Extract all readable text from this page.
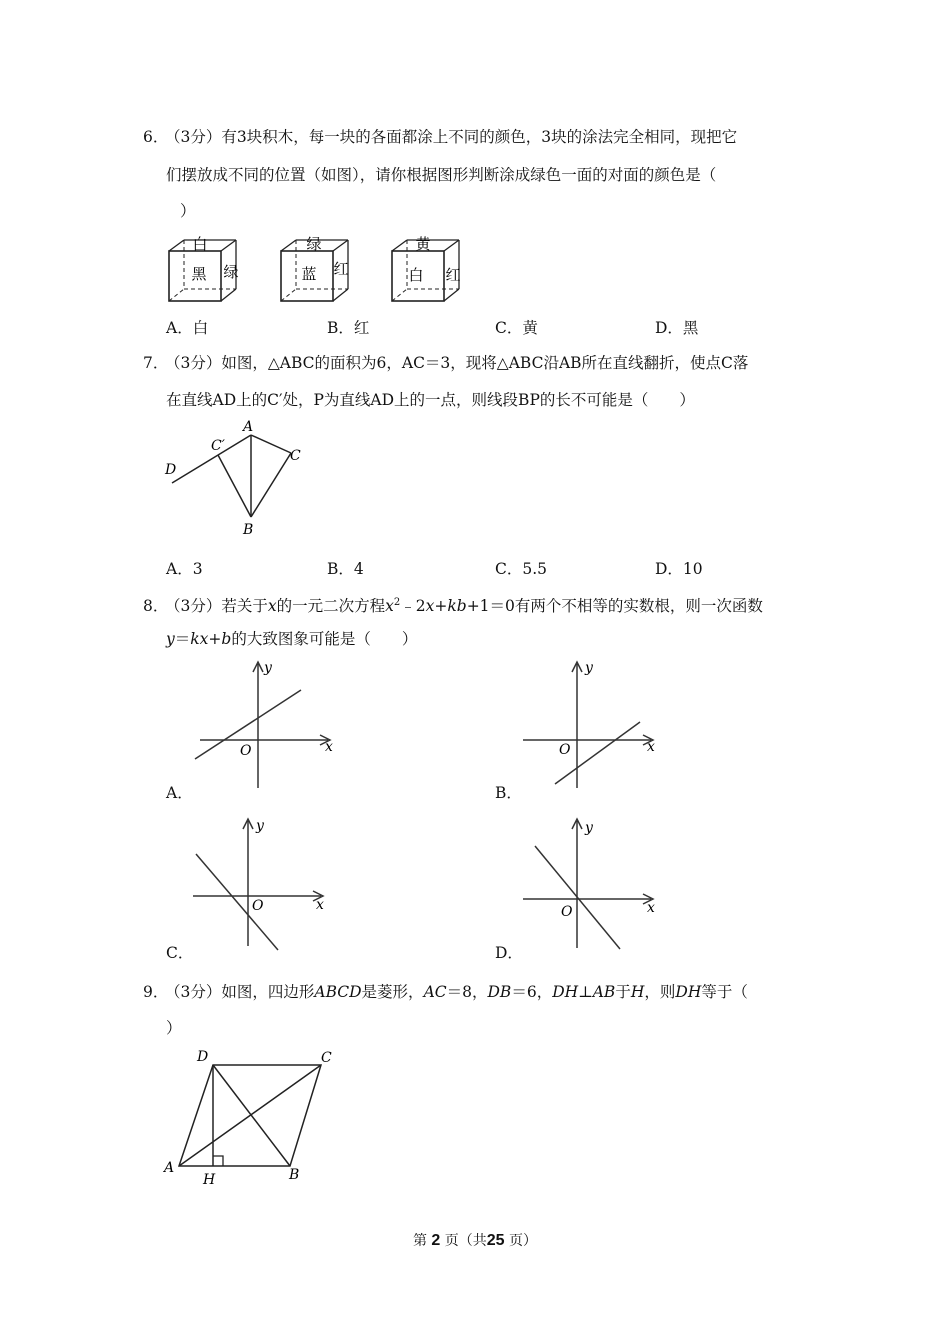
6．（3分）有3块积木，每一块的各面都涂上不同的颜色，3块的涂法完全相同，现把它
们摆放成不同的位置（如图），请你根据图形判断涂成绿色一面的对面的颜色是（
）
白
黑 绿
绿
蓝 红
黄
白 红
A．白	B．红	C．黄	D．黑
7．（3分）如图，△ABC的面积为6，AC＝3，现将△ABC沿AB所在直线翻折，使点C落
在直线AD上的C′处，P为直线AD上的一点，则线段BP的长不可能是（　　）
A
C
C′
D
B
A．3	B．4	C．5.5	D．10
8．（3分）若关于x的一元二次方程$x^2﹣2x+kb+1=0$有两个不相等的实数根，则一次函数
y＝kx+b的大致图象可能是（　　）
O	x
y
A．
O	x
y
B．
O	x
y
C．
O	x
y
D．
9．（3分）如图，四边形ABCD是菱形，AC＝8，DB＝6，DH⊥AB于H，则DH等于（
）
D	C
A	B
H
第 2 页（共25 页）
